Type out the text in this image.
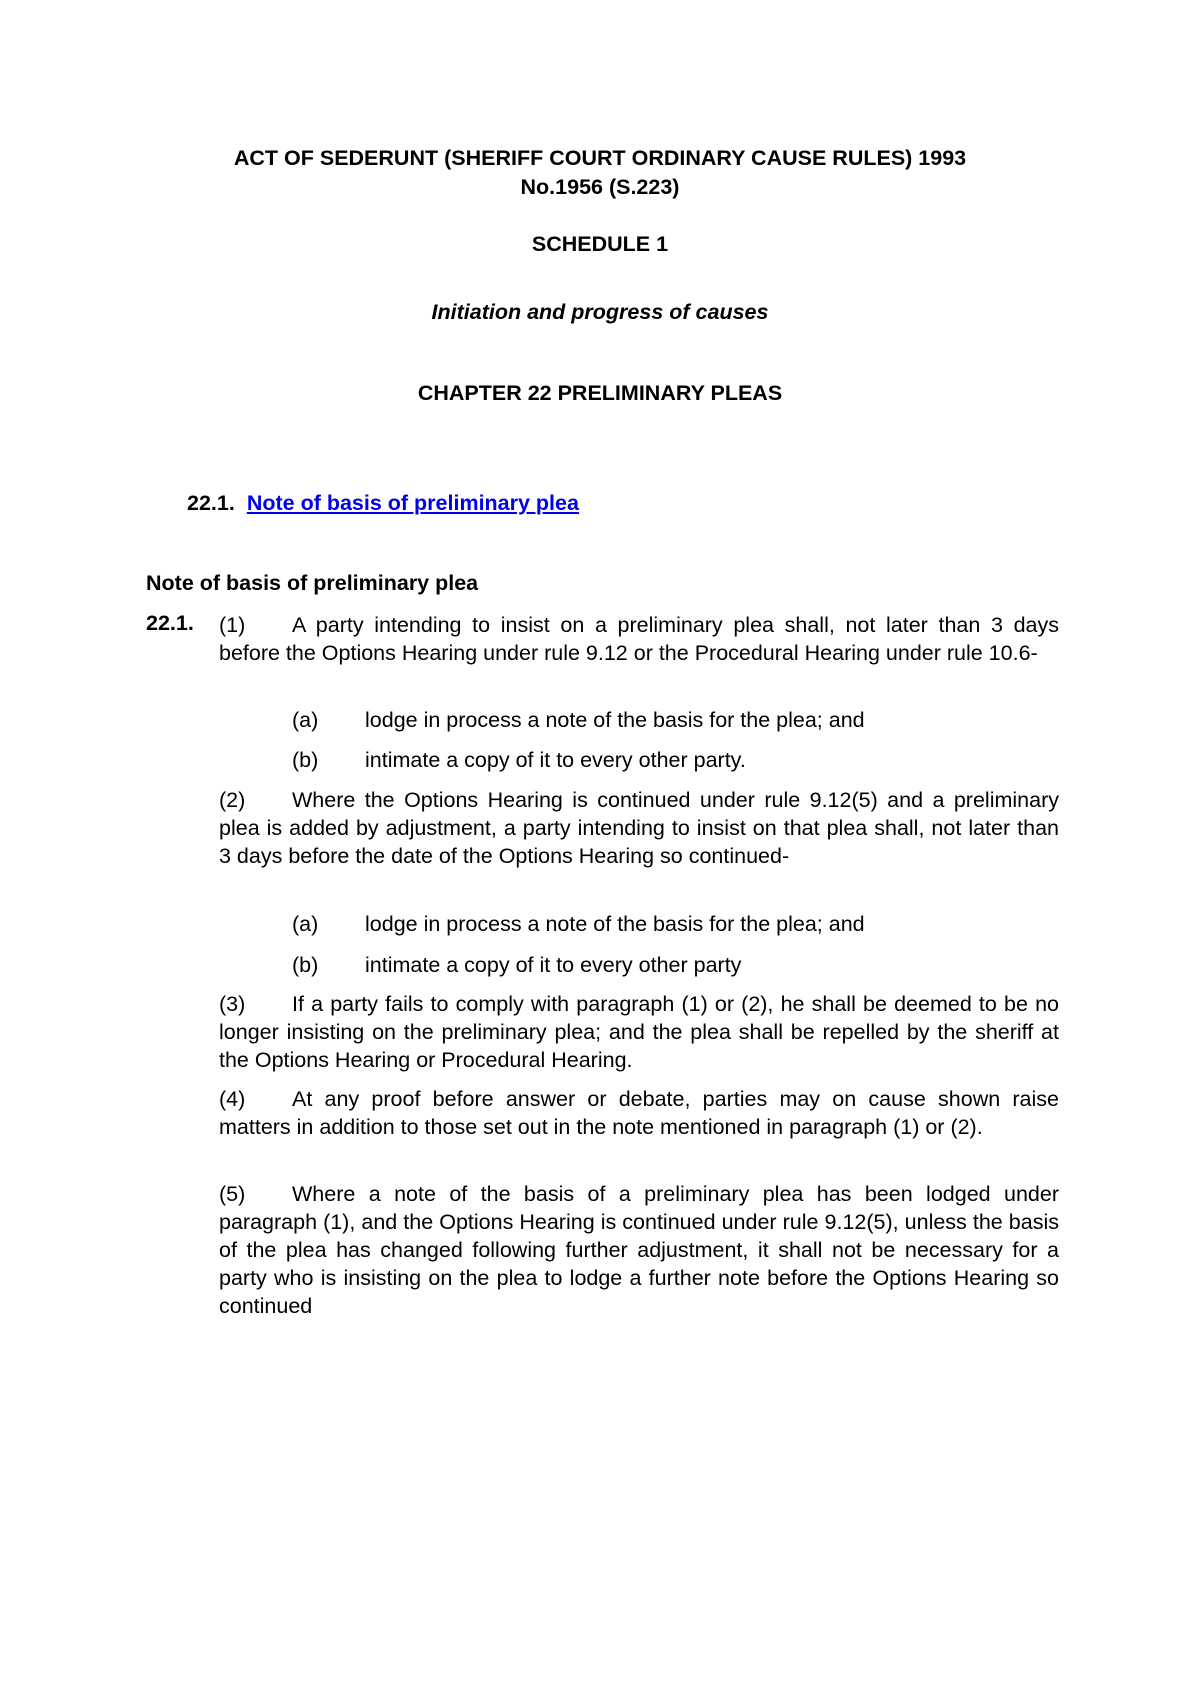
ACT OF SEDERUNT (SHERIFF COURT ORDINARY CAUSE RULES) 1993

No.1956 (S.223)

SCHEDULE 1

Initiation and progress of causes

CHAPTER 22 PRELIMINARY PLEAS

22.1. Note of basis of preliminary plea
Note of basis of preliminary plea
22.1. (1) A party intending to insist on a preliminary plea shall, not later than 3 days before the Options Hearing under rule 9.12 or the Procedural Hearing under rule 10.6-

(a) lodge in process a note of the basis for the plea; and

(b) intimate a copy of it to every other party.

(2) Where the Options Hearing is continued under rule 9.12(5) and a preliminary plea is added by adjustment, a party intending to insist on that plea shall, not later than 3 days before the date of the Options Hearing so continued-

(a) lodge in process a note of the basis for the plea; and

(b) intimate a copy of it to every other party

(3) If a party fails to comply with paragraph (1) or (2), he shall be deemed to be no longer insisting on the preliminary plea; and the plea shall be repelled by the sheriff at the Options Hearing or Procedural Hearing.

(4) At any proof before answer or debate, parties may on cause shown raise matters in addition to those set out in the note mentioned in paragraph (1) or (2).

(5) Where a note of the basis of a preliminary plea has been lodged under paragraph (1), and the Options Hearing is continued under rule 9.12(5), unless the basis of the plea has changed following further adjustment, it shall not be necessary for a party who is insisting on the plea to lodge a further note before the Options Hearing so continued
